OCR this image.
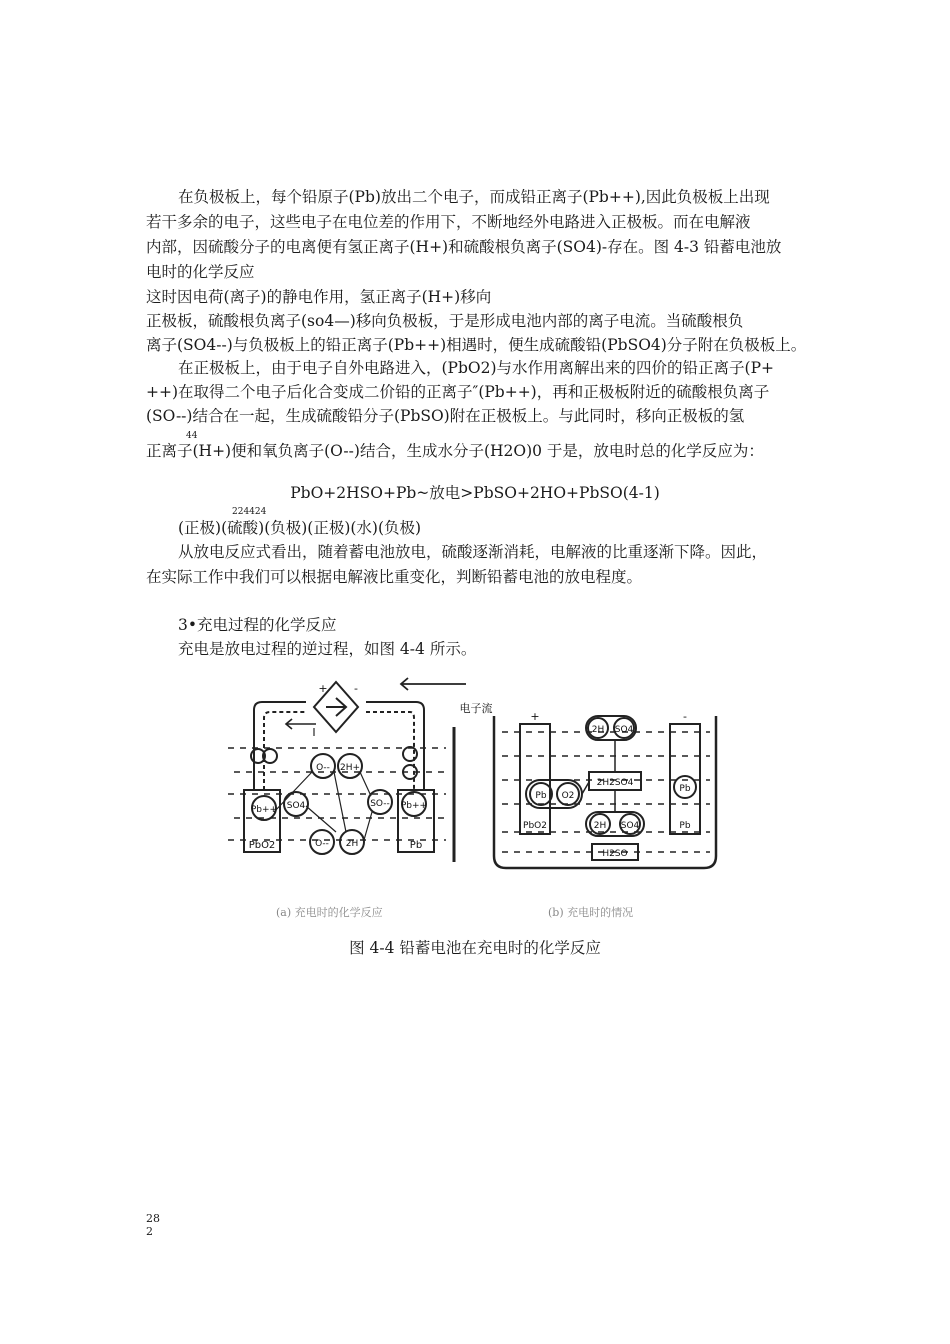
在负极板上，每个铅原子(Pb)放出二个电子，而成铅正离子(Pb++),因此负极板上出现
若干多余的电子，这些电子在电位差的作用下，不断地经外电路进入正极板。而在电解液
内部，因硫酸分子的电离便有氢正离子(H+)和硫酸根负离子(SO4)-存在。图 4-3 铅蓄电池放
电时的化学反应
这时因电荷(离子)的静电作用，氢正离子(H+)移向
正极板，硫酸根负离子(so4—)移向负极板，于是形成电池内部的离子电流。当硫酸根负
离子(SO4--)与负极板上的铅正离子(Pb++)相遇时，便生成硫酸铅(PbSO4)分子附在负极板上。
在正极板上，由于电子自外电路进入，(PbO2)与水作用离解出来的四价的铅正离子(P+
++)在取得二个电子后化合变成二价铅的正离子″(Pb++)，再和正极板附近的硫酸根负离子
(SO--)结合在一起，生成硫酸铅分子(PbSO)附在正极板上。与此同时，移向正极板的氢
44
正离子(H+)便和氧负离子(O--)结合，生成水分子(H2O)0 于是，放电时总的化学反应为：
PbO+2HSO+Pb~放电>PbSO+2HO+PbSO(4-1)
224424
(正极)(硫酸)(负极)(正极)(水)(负极)
从放电反应式看出，随着蓄电池放电，硫酸逐渐消耗，电解液的比重逐渐下降。因此，
在实际工作中我们可以根据电解液比重变化，判断铅蓄电池的放电程度。
3•充电过程的化学反应
充电是放电过程的逆过程，如图 4-4 所示。
+ -
电子流
I
O-- 2H+
Pb++ SO4	SO-- Pb++
O-- 2H
PbO2	Pb
+	-
2H SO4
2H2SO4
Pb O2
Pb
PbO2	Pb
2H SO4
H2SO
(a) 充电时的化学反应	(b) 充电时的情况
图 4-4 铅蓄电池在充电时的化学反应
28
2
